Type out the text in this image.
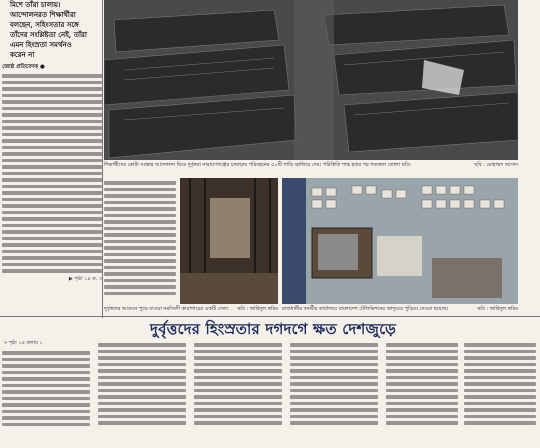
মিশে তাঁরা চালায়।
আন্দোলনরত শিক্ষার্থীরা
বলছেন, সহিংসতার সঙ্গে
তাঁদের সংশ্লিষ্টতা নেই, তাঁরা
এমন হিংস্রতা সমর্থনও
করেন না
জ্যেষ্ঠ প্রতিবেদক ●
▶ পৃষ্ঠা ১৪ ক. ৩
শিক্ষার্থীদের কোটা সংস্কার আন্দোলন ঘিরে দুর্বৃত্তরা নারায়ণগঞ্জের চাষাড়ায় পরিবহনের ৫০টি গাড়ি জ্বালিয়ে দেয়। পরিস্থিতি শান্ত হবার পর গতকাল তোলা ছবি।	ছবি : মোহাম্মদ আসাদ
দুর্বৃত্তদের আগুনে পুড়ে যাওয়া নরসিংদী কারাগারের একটি সেল।	ছবি : জাহিদুল করিম রাজধানীর বনশ্রীর কার্যালয়ে বাংলাদেশ টেলিভিশনের জাদুঘরে পুড়িয়ে দেওয়া হয়েছে।	ছবি : জাহিদুল করিম
দুর্বৃত্তদের হিংস্রতার দগদগে ক্ষত দেশজুড়ে
» পৃষ্ঠা ১৪ কলাম ১
